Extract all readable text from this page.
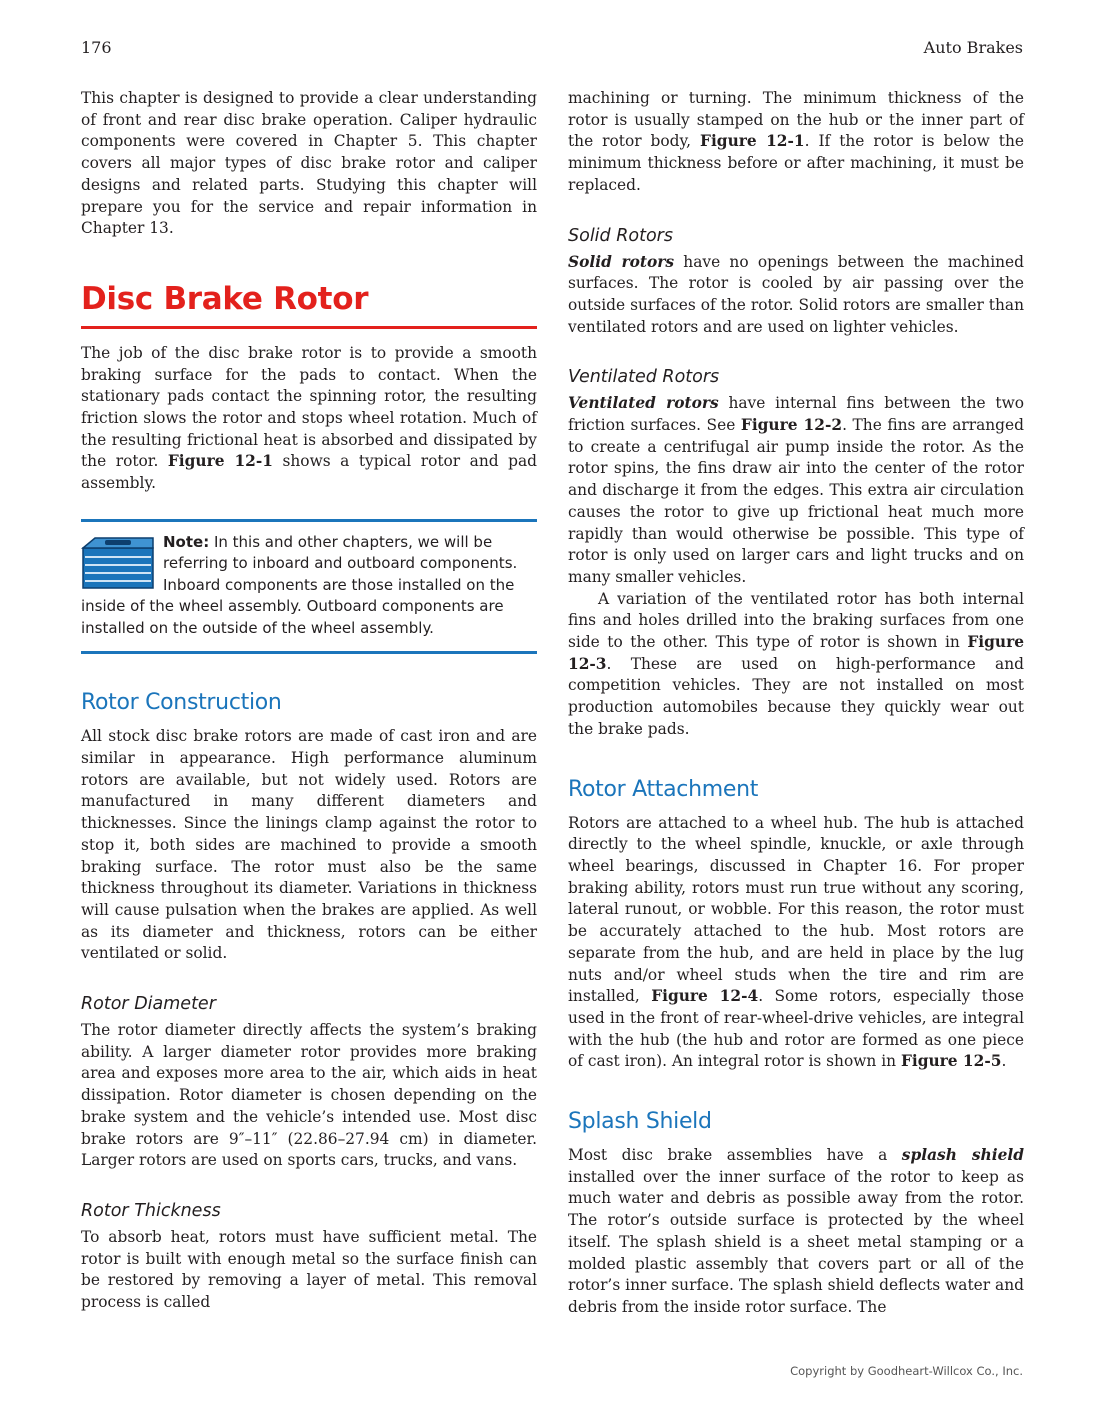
176	Auto Brakes

This chapter is designed to provide a clear understanding of front and rear disc brake operation. Caliper hydraulic components were covered in Chapter 5. This chapter covers all major types of disc brake rotor and caliper designs and related parts. Studying this chapter will prepare you for the service and repair information in Chapter 13.

Disc Brake Rotor

The job of the disc brake rotor is to provide a smooth braking surface for the pads to contact. When the stationary pads contact the spinning rotor, the resulting friction slows the rotor and stops wheel rotation. Much of the resulting frictional heat is absorbed and dissipated by the rotor. Figure 12-1 shows a typical rotor and pad assembly.

Note: In this and other chapters, we will be referring to inboard and outboard components. Inboard components are those installed on the inside of the wheel assembly. Outboard components are installed on the outside of the wheel assembly.
Rotor Construction

All stock disc brake rotors are made of cast iron and are similar in appearance. High performance aluminum rotors are available, but not widely used. Rotors are manufactured in many different diameters and thicknesses. Since the linings clamp against the rotor to stop it, both sides are machined to provide a smooth braking surface. The rotor must also be the same thickness throughout its diameter. Variations in thickness will cause pulsation when the brakes are applied. As well as its diameter and thickness, rotors can be either ventilated or solid.

Rotor Diameter

The rotor diameter directly affects the system’s braking ability. A larger diameter rotor provides more braking area and exposes more area to the air, which aids in heat dissipation. Rotor diameter is chosen depending on the brake system and the vehicle’s intended use. Most disc brake rotors are 9″–11″ (22.86–27.94 cm) in diameter. Larger rotors are used on sports cars, trucks, and vans.

Rotor Thickness

To absorb heat, rotors must have sufficient metal. The rotor is built with enough metal so the surface finish can be restored by removing a layer of metal. This removal process is called

machining or turning. The minimum thickness of the rotor is usually stamped on the hub or the inner part of the rotor body, Figure 12-1. If the rotor is below the minimum thickness before or after machining, it must be replaced.

Solid Rotors

Solid rotors have no openings between the machined surfaces. The rotor is cooled by air passing over the outside surfaces of the rotor. Solid rotors are smaller than ventilated rotors and are used on lighter vehicles.

Ventilated Rotors

Ventilated rotors have internal fins between the two friction surfaces. See Figure 12-2. The fins are arranged to create a centrifugal air pump inside the rotor. As the rotor spins, the fins draw air into the center of the rotor and discharge it from the edges. This extra air circulation causes the rotor to give up frictional heat much more rapidly than would otherwise be possible. This type of rotor is only used on larger cars and light trucks and on many smaller vehicles.

A variation of the ventilated rotor has both internal fins and holes drilled into the braking surfaces from one side to the other. This type of rotor is shown in Figure 12-3. These are used on high-performance and competition vehicles. They are not installed on most production automobiles because they quickly wear out the brake pads.

Rotor Attachment

Rotors are attached to a wheel hub. The hub is attached directly to the wheel spindle, knuckle, or axle through wheel bearings, discussed in Chapter 16. For proper braking ability, rotors must run true without any scoring, lateral runout, or wobble. For this reason, the rotor must be accurately attached to the hub. Most rotors are separate from the hub, and are held in place by the lug nuts and/or wheel studs when the tire and rim are installed, Figure 12-4. Some rotors, especially those used in the front of rear-wheel-drive vehicles, are integral with the hub (the hub and rotor are formed as one piece of cast iron). An integral rotor is shown in Figure 12-5.

Splash Shield

Most disc brake assemblies have a splash shield installed over the inner surface of the rotor to keep as much water and debris as possible away from the rotor. The rotor’s outside surface is protected by the wheel itself. The splash shield is a sheet metal stamping or a molded plastic assembly that covers part or all of the rotor’s inner surface. The splash shield deflects water and debris from the inside rotor surface. The

Copyright by Goodheart-Willcox Co., Inc.
